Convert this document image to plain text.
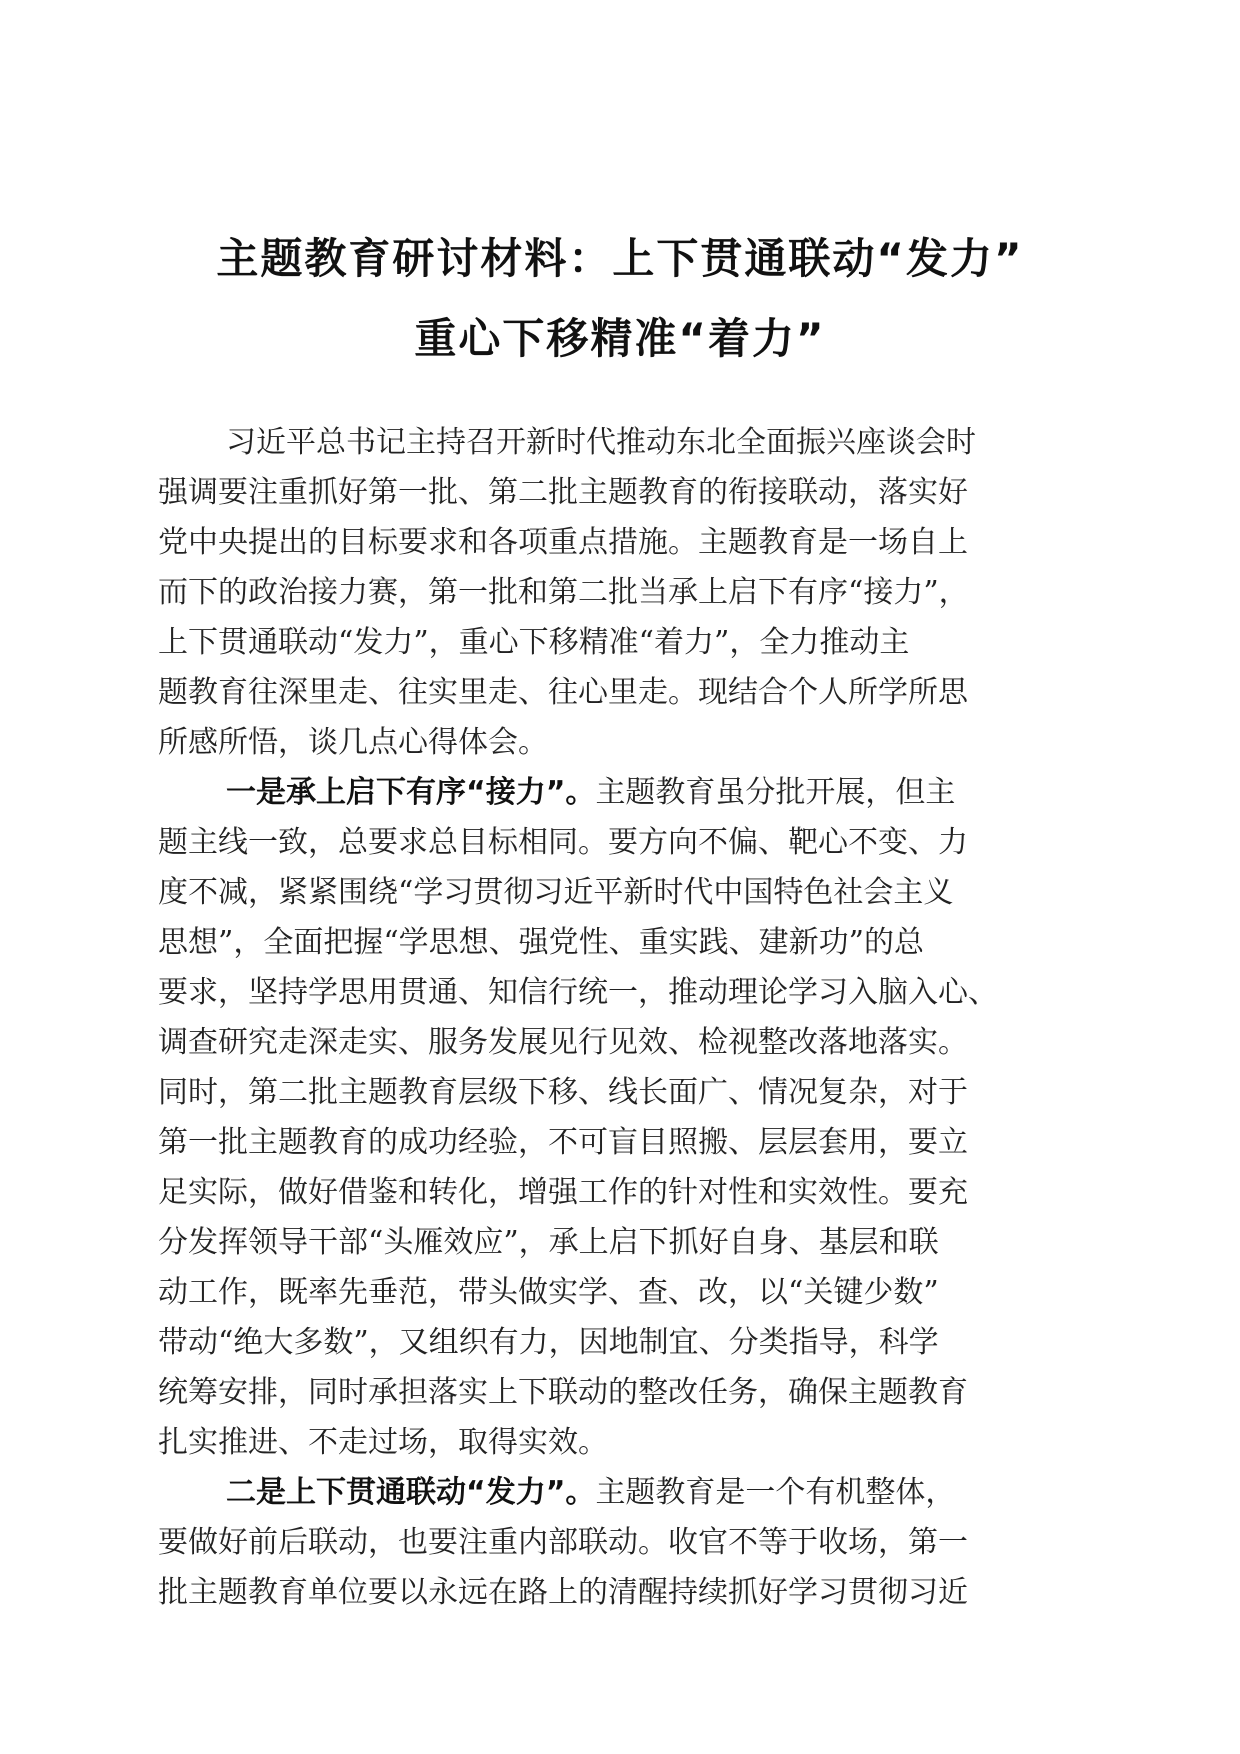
主题教育研讨材料：上下贯通联动“发力”
重心下移精准“着力”
习近平总书记主持召开新时代推动东北全面振兴座谈会时
强调要注重抓好第一批、第二批主题教育的衔接联动，落实好
党中央提出的目标要求和各项重点措施。主题教育是一场自上
而下的政治接力赛，第一批和第二批当承上启下有序“接力”，
上下贯通联动“发力”，重心下移精准“着力”，全力推动主
题教育往深里走、往实里走、往心里走。现结合个人所学所思
所感所悟，谈几点心得体会。
一是承上启下有序“接力”。主题教育虽分批开展，但主
题主线一致，总要求总目标相同。要方向不偏、靶心不变、力
度不减，紧紧围绕“学习贯彻习近平新时代中国特色社会主义
思想”，全面把握“学思想、强党性、重实践、建新功”的总
要求，坚持学思用贯通、知信行统一，推动理论学习入脑入心、
调查研究走深走实、服务发展见行见效、检视整改落地落实。
同时，第二批主题教育层级下移、线长面广、情况复杂，对于
第一批主题教育的成功经验，不可盲目照搬、层层套用，要立
足实际，做好借鉴和转化，增强工作的针对性和实效性。要充
分发挥领导干部“头雁效应”，承上启下抓好自身、基层和联
动工作，既率先垂范，带头做实学、查、改，以“关键少数”
带动“绝大多数”，又组织有力，因地制宜、分类指导，科学
统筹安排，同时承担落实上下联动的整改任务，确保主题教育
扎实推进、不走过场，取得实效。
二是上下贯通联动“发力”。主题教育是一个有机整体，
要做好前后联动，也要注重内部联动。收官不等于收场，第一
批主题教育单位要以永远在路上的清醒持续抓好学习贯彻习近
